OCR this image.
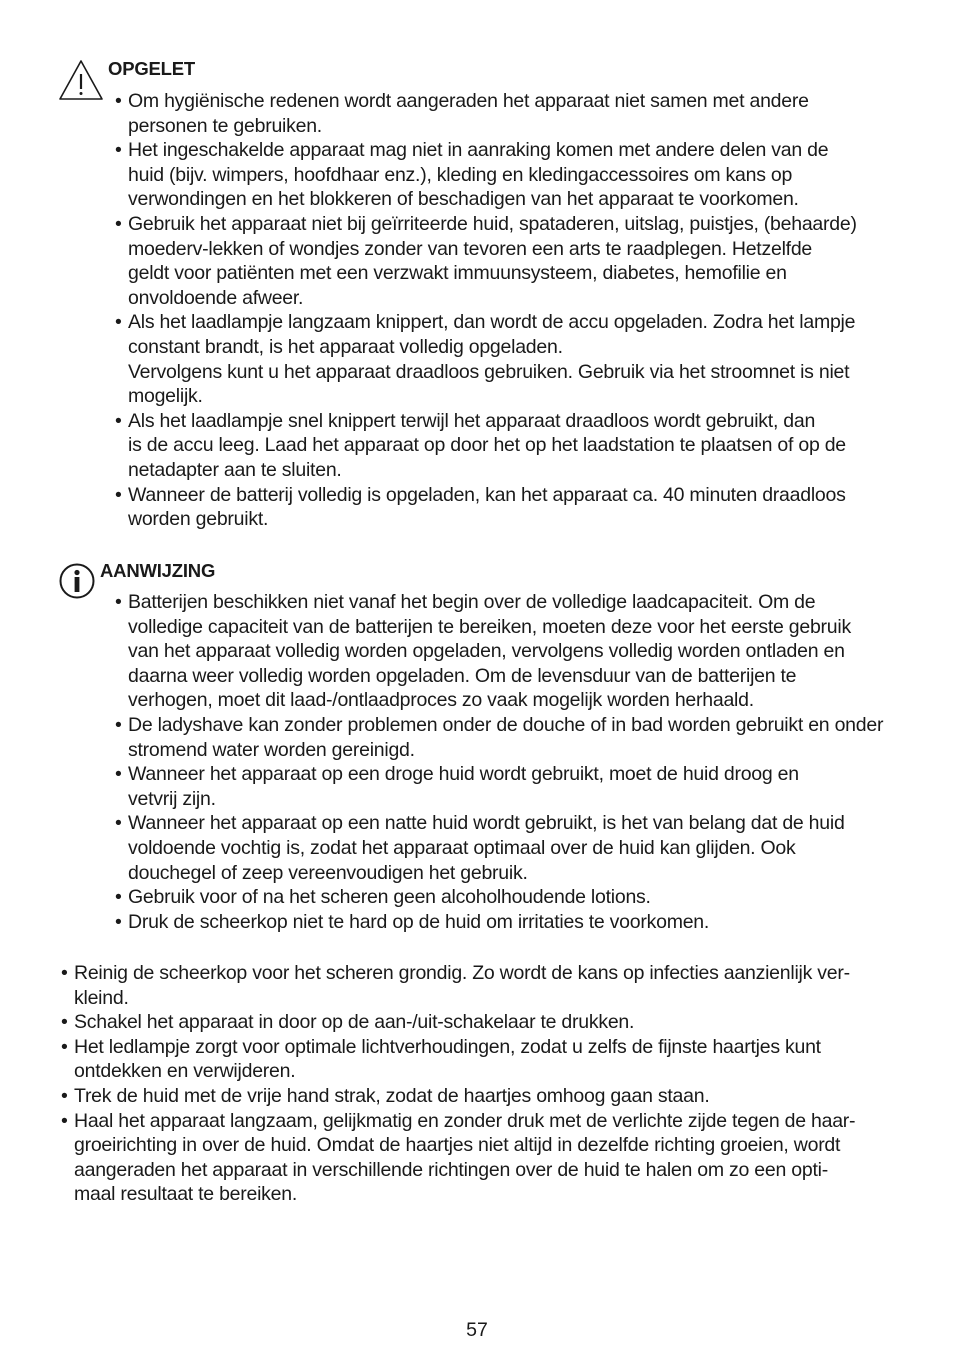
OPGELET
• Om hygiënische redenen wordt aangeraden het apparaat niet samen met andere
personen te gebruiken.
• Het ingeschakelde apparaat mag niet in aanraking komen met andere delen van de
huid (bijv. wimpers, hoofdhaar enz.), kleding en kledingaccessoires om kans op
verwondingen en het blokkeren of beschadigen van het apparaat te voorkomen.
• Gebruik het apparaat niet bij geïrriteerde huid, spataderen, uitslag, puistjes, (behaarde)
moederv-lekken of wondjes zonder van tevoren een arts te raadplegen. Hetzelfde
geldt voor patiënten met een verzwakt immuunsysteem, diabetes, hemofilie en
onvoldoende afweer.
• Als het laadlampje langzaam knippert, dan wordt de accu opgeladen. Zodra het lampje
constant brandt, is het apparaat volledig opgeladen.
Vervolgens kunt u het apparaat draadloos gebruiken. Gebruik via het stroomnet is niet
mogelijk.
• Als het laadlampje snel knippert terwijl het apparaat draadloos wordt gebruikt, dan
is de accu leeg. Laad het apparaat op door het op het laadstation te plaatsen of op de
netadapter aan te sluiten.
• Wanneer de batterij volledig is opgeladen, kan het apparaat ca. 40 minuten draadloos
worden gebruikt.
AANWIJZING
• Batterijen beschikken niet vanaf het begin over de volledige laadcapaciteit. Om de
volledige capaciteit van de batterijen te bereiken, moeten deze voor het eerste gebruik
van het apparaat volledig worden opgeladen, vervolgens volledig worden ontladen en
daarna weer volledig worden opgeladen. Om de levensduur van de batterijen te
verhogen, moet dit laad-/ontlaadproces zo vaak mogelijk worden herhaald.
• De ladyshave kan zonder problemen onder de douche of in bad worden gebruikt en onder
stromend water worden gereinigd.
• Wanneer het apparaat op een droge huid wordt gebruikt, moet de huid droog en
vetvrij zijn.
• Wanneer het apparaat op een natte huid wordt gebruikt, is het van belang dat de huid
voldoende vochtig is, zodat het apparaat optimaal over de huid kan glijden. Ook
douchegel of zeep vereenvoudigen het gebruik.
• Gebruik voor of na het scheren geen alcoholhoudende lotions.
• Druk de scheerkop niet te hard op de huid om irritaties te voorkomen.
• Reinig de scheerkop voor het scheren grondig. Zo wordt de kans op infecties aanzienlijk ver-
kleind.
• Schakel het apparaat in door op de aan-/uit-schakelaar te drukken.
• Het ledlampje zorgt voor optimale lichtverhoudingen, zodat u zelfs de fijnste haartjes kunt
ontdekken en verwijderen.
• Trek de huid met de vrije hand strak, zodat de haartjes omhoog gaan staan.
• Haal het apparaat langzaam, gelijkmatig en zonder druk met de verlichte zijde tegen de haar-
groeirichting in over de huid. Omdat de haartjes niet altijd in dezelfde richting groeien, wordt
aangeraden het apparaat in verschillende richtingen over de huid te halen om zo een opti-
maal resultaat te bereiken.
57
